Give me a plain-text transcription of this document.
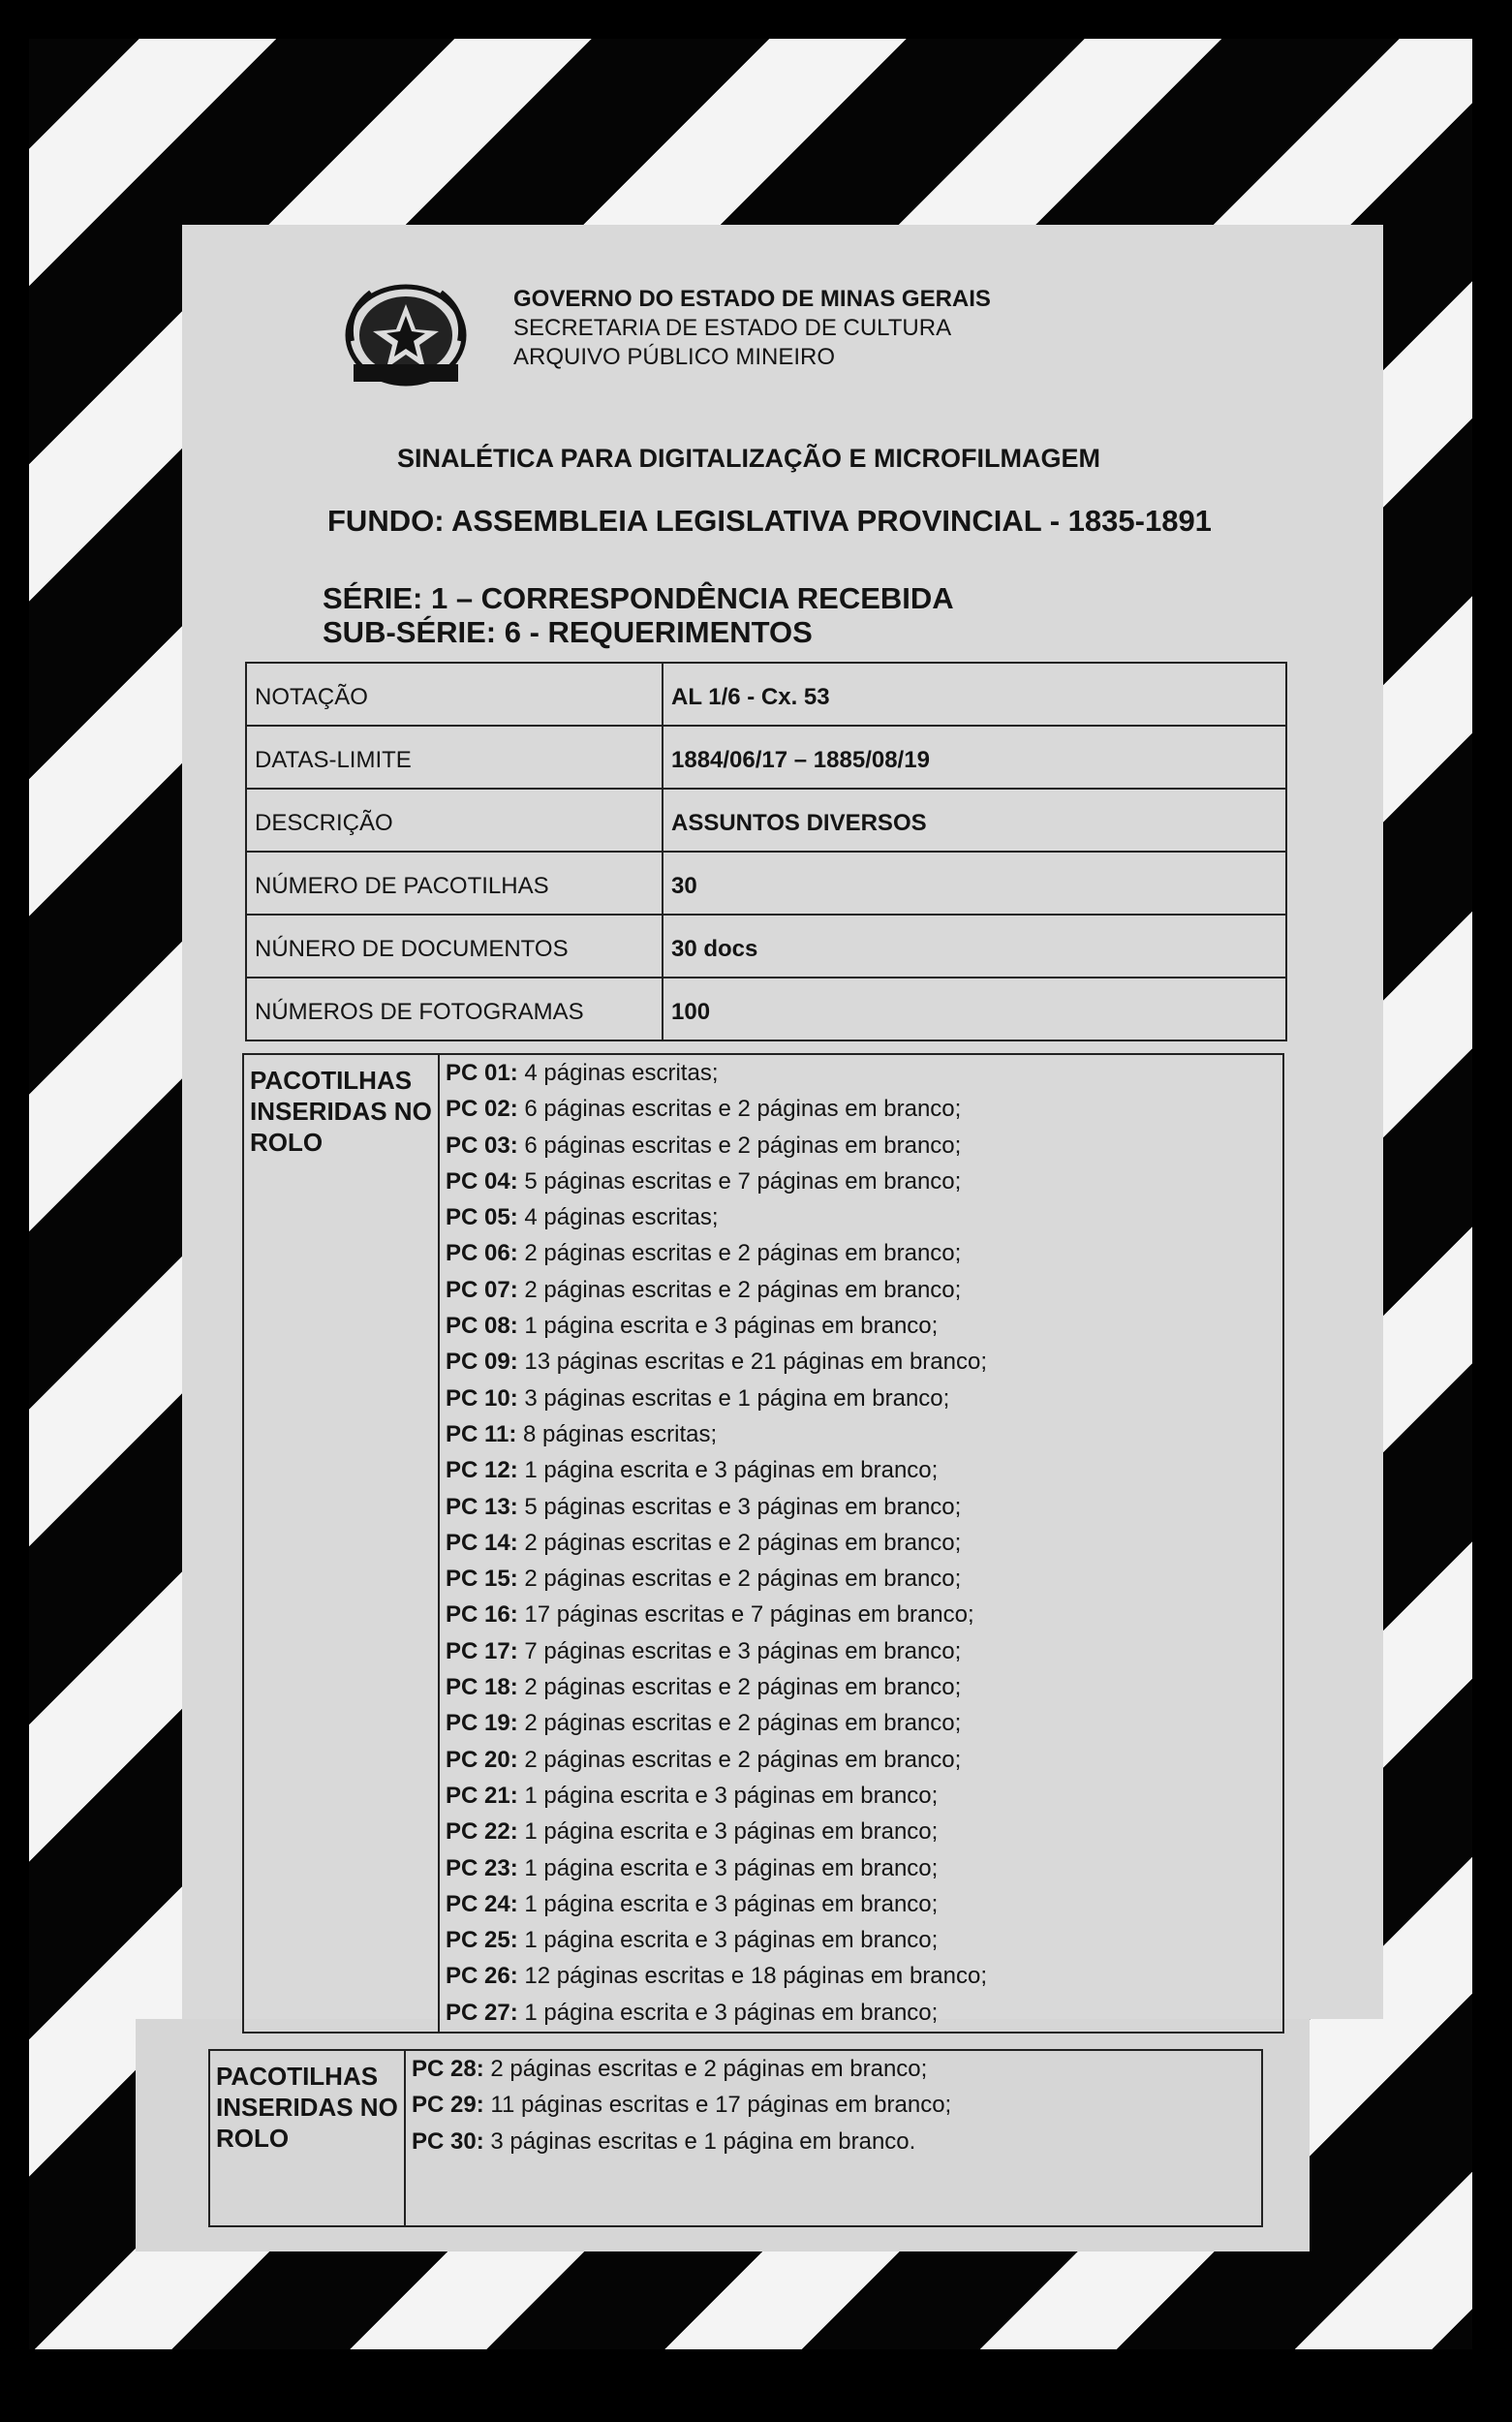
GOVERNO DO ESTADO DE MINAS GERAIS
SECRETARIA DE ESTADO DE CULTURA
ARQUIVO PÚBLICO MINEIRO
SINALÉTICA PARA DIGITALIZAÇÃO E MICROFILMAGEM
FUNDO: ASSEMBLEIA LEGISLATIVA PROVINCIAL - 1835-1891
SÉRIE: 1 – CORRESPONDÊNCIA RECEBIDA
SUB-SÉRIE: 6 - REQUERIMENTOS
NOTAÇÃO	AL 1/6 - Cx. 53
DATAS-LIMITE	1884/06/17 – 1885/08/19
DESCRIÇÃO	ASSUNTOS DIVERSOS
NÚMERO DE PACOTILHAS	30
NÚNERO DE DOCUMENTOS	30 docs
NÚMEROS DE FOTOGRAMAS	100
PACOTILHAS INSERIDAS NO ROLO
PC 01: 4 páginas escritas;
PC 02: 6 páginas escritas e 2 páginas em branco;
PC 03: 6 páginas escritas e 2 páginas em branco;
PC 04: 5 páginas escritas e 7 páginas em branco;
PC 05: 4 páginas escritas;
PC 06: 2 páginas escritas e 2 páginas em branco;
PC 07: 2 páginas escritas e 2 páginas em branco;
PC 08: 1 página escrita e 3 páginas em branco;
PC 09: 13 páginas escritas e 21 páginas em branco;
PC 10: 3 páginas escritas e 1 página em branco;
PC 11: 8 páginas escritas;
PC 12: 1 página escrita e 3 páginas em branco;
PC 13: 5 páginas escritas e 3 páginas em branco;
PC 14: 2 páginas escritas e 2 páginas em branco;
PC 15: 2 páginas escritas e 2 páginas em branco;
PC 16: 17 páginas escritas e 7 páginas em branco;
PC 17: 7 páginas escritas e 3 páginas em branco;
PC 18: 2 páginas escritas e 2 páginas em branco;
PC 19: 2 páginas escritas e 2 páginas em branco;
PC 20: 2 páginas escritas e 2 páginas em branco;
PC 21: 1 página escrita e 3 páginas em branco;
PC 22: 1 página escrita e 3 páginas em branco;
PC 23: 1 página escrita e 3 páginas em branco;
PC 24: 1 página escrita e 3 páginas em branco;
PC 25: 1 página escrita e 3 páginas em branco;
PC 26: 12 páginas escritas e 18 páginas em branco;
PC 27: 1 página escrita e 3 páginas em branco;
PACOTILHAS INSERIDAS NO ROLO
PC 28: 2 páginas escritas e 2 páginas em branco;
PC 29: 11 páginas escritas e 17 páginas em branco;
PC 30: 3 páginas escritas e 1 página em branco.
